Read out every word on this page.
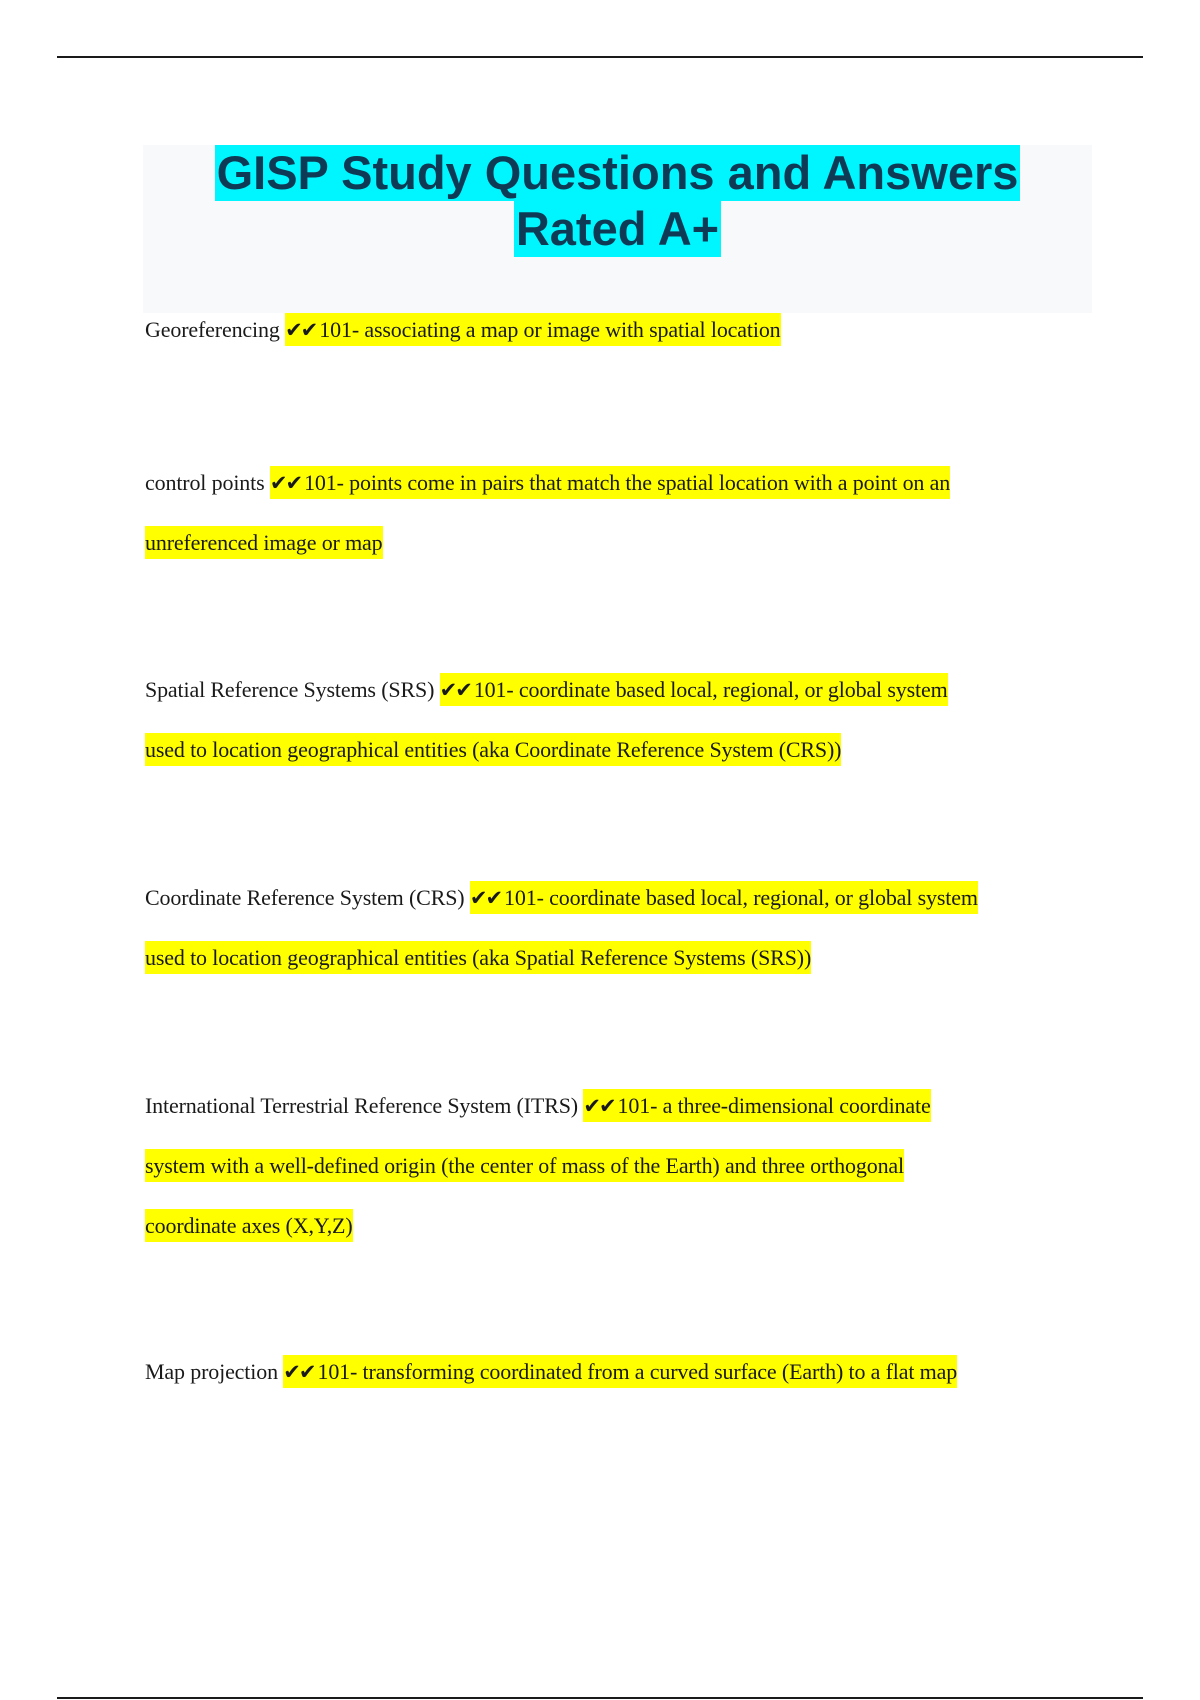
GISP Study Questions and Answers
Rated A+
Georeferencing ✔✔ 101- associating a map or image with spatial location
control points ✔✔ 101- points come in pairs that match the spatial location with a point on an
unreferenced image or map
Spatial Reference Systems (SRS) ✔✔ 101- coordinate based local, regional, or global system
used to location geographical entities (aka Coordinate Reference System (CRS))
Coordinate Reference System (CRS) ✔✔ 101- coordinate based local, regional, or global system
used to location geographical entities (aka Spatial Reference Systems (SRS))
International Terrestrial Reference System (ITRS) ✔✔ 101- a three-dimensional coordinate
system with a well-defined origin (the center of mass of the Earth) and three orthogonal
coordinate axes (X,Y,Z)
Map projection ✔✔ 101- transforming coordinated from a curved surface (Earth) to a flat map
